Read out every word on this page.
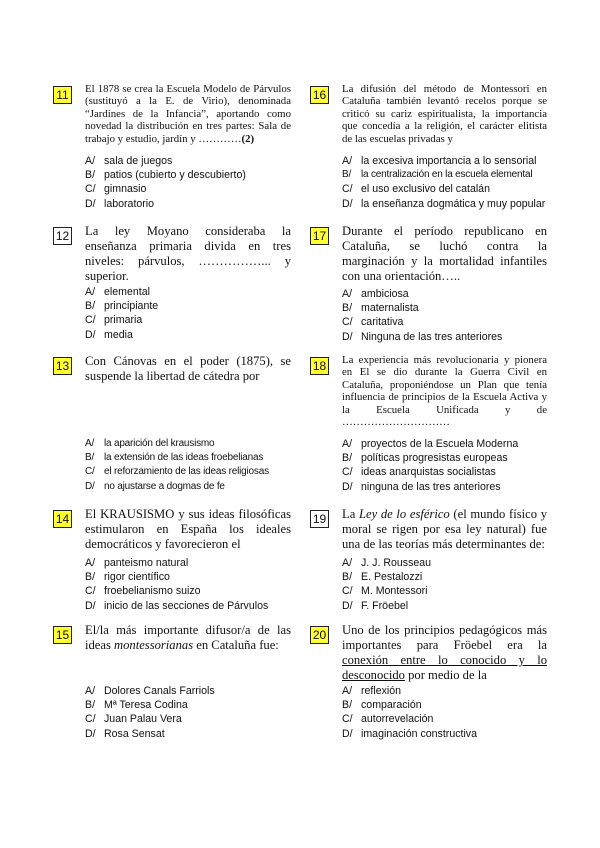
11	El 1878 se crea la Escuela Modelo de Párvulos (sustituyó a la E. de Virio), denominada “Jardines de la Infancia”, aportando como novedad la distribución en tres partes: Sala de trabajo y estudio, jardín y …………(2)
A/ sala de juegos
B/ patios (cubierto y descubierto)
C/ gimnasio
D/ laboratorio
12 La ley Moyano consideraba la enseñanza primaria divida en tres niveles: párvulos, ……………... y superior.
A/ elemental
B/ principiante
C/ primaria
D/ media
13 Con Cánovas en el poder (1875), se suspende la libertad de cátedra por
A/ la aparición del krausismo
B/ la extensión de las ideas froebelianas
C/ el reforzamiento de las ideas religiosas
D/ no ajustarse a dogmas de fe
14 El KRAUSISMO y sus ideas filosóficas estimularon en España los ideales democráticos y favorecieron el
A/ panteismo natural
B/ rigor científico
C/ froebelianismo suizo
D/ inicio de las secciones de Párvulos
15 El/la más importante difusor/a de las ideas montessorianas en Cataluña fue:
A/ Dolores Canals Farriols
B/ Mª Teresa Codina
C/ Juan Palau Vera
D/ Rosa Sensat
16 La difusión del método de Montessori en Cataluña también levantó recelos porque se criticó su cariz espiritualista, la importancia que concedía a la religión, el carácter elitista de las escuelas privadas y
A/ la excesiva importancia a lo sensorial
B/ la centralización en la escuela elemental
C/ el uso exclusivo del catalán
D/ la enseñanza dogmática y muy popular
17 Durante el período republicano en Cataluña, se luchó contra la marginación y la mortalidad infantiles con una orientación…..
A/ ambiciosa
B/ maternalista
C/ caritativa
D/ Ninguna de las tres anteriores
18 La experiencia más revolucionaria y pionera en El se dio durante la Guerra Civil en Cataluña, proponiéndose un Plan que tenía influencia de principios de la Escuela Activa y la Escuela Unificada y de …………………………
A/ proyectos de la Escuela Moderna
B/ políticas progresistas europeas
C/ ideas anarquistas socialistas
D/ ninguna de las tres anteriores
19 La Ley de lo esférico (el mundo físico y moral se rigen por esa ley natural) fue una de las teorías más determinantes de:
A/ J. J. Rousseau
B/ E. Pestalozzi
C/ M. Montessori
D/ F. Fröebel
20 Uno de los principios pedagógicos más importantes para Fröebel era la conexión entre lo conocido y lo desconocido por medio de la
A/ reflexión
B/ comparación
C/ autorrevelación
D/ imaginación constructiva
